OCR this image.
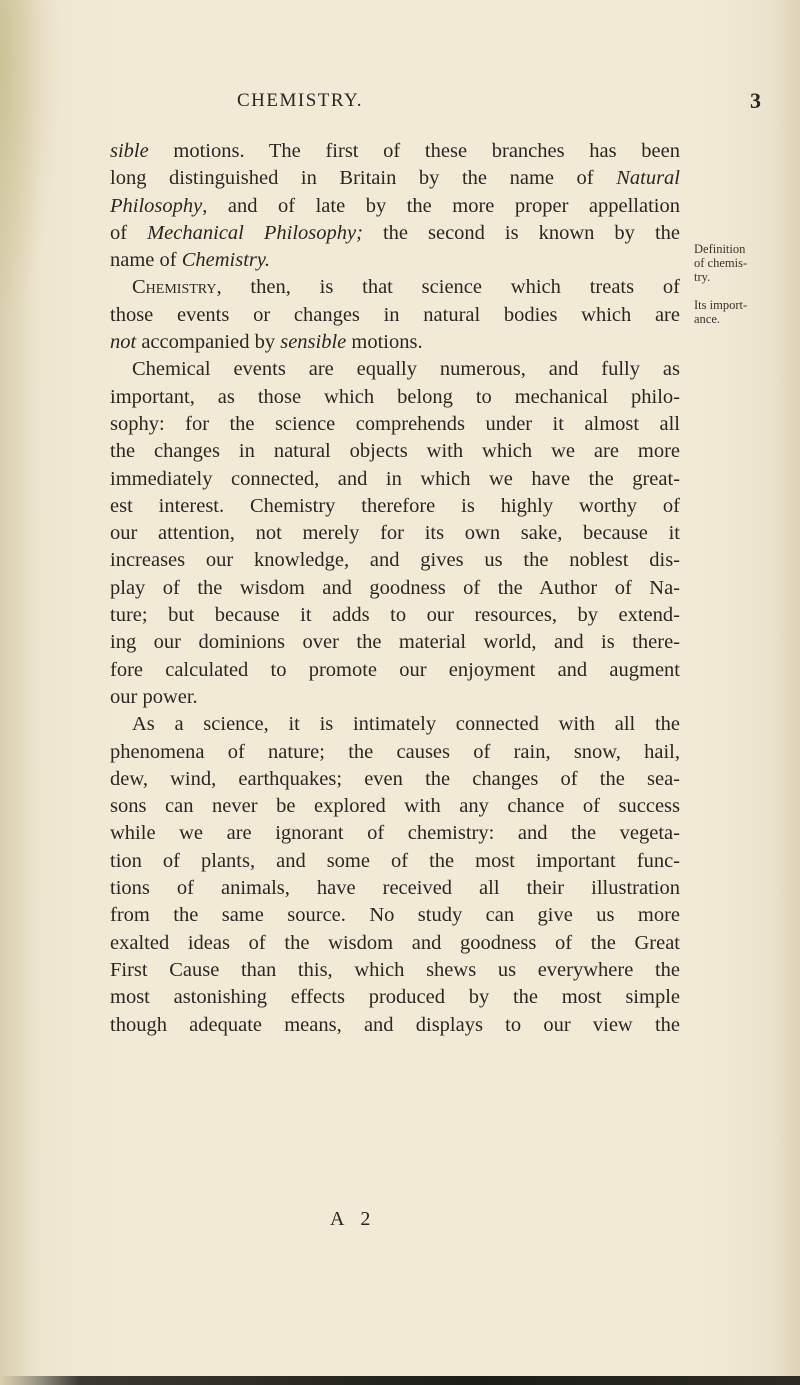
CHEMISTRY.	3
sible motions. The first of these branches has been
long distinguished in Britain by the name of Natural
Philosophy, and of late by the more proper appellation
of Mechanical Philosophy; the second is known by the
name of Chemistry.
Chemistry, then, is that science which treats of
those events or changes in natural bodies which are
not accompanied by sensible motions.
Chemical events are equally numerous, and fully as
important, as those which belong to mechanical philo-
sophy: for the science comprehends under it almost all
the changes in natural objects with which we are more
immediately connected, and in which we have the great-
est interest. Chemistry therefore is highly worthy of
our attention, not merely for its own sake, because it
increases our knowledge, and gives us the noblest dis-
play of the wisdom and goodness of the Author of Na-
ture; but because it adds to our resources, by extend-
ing our dominions over the material world, and is there-
fore calculated to promote our enjoyment and augment
our power.
As a science, it is intimately connected with all the
phenomena of nature; the causes of rain, snow, hail,
dew, wind, earthquakes; even the changes of the sea-
sons can never be explored with any chance of success
while we are ignorant of chemistry: and the vegeta-
tion of plants, and some of the most important func-
tions of animals, have received all their illustration
from the same source. No study can give us more
exalted ideas of the wisdom and goodness of the Great
First Cause than this, which shews us everywhere the
most astonishing effects produced by the most simple
though adequate means, and displays to our view the
Definition
of chemis-
try.
Its import-
ance.
A 2
